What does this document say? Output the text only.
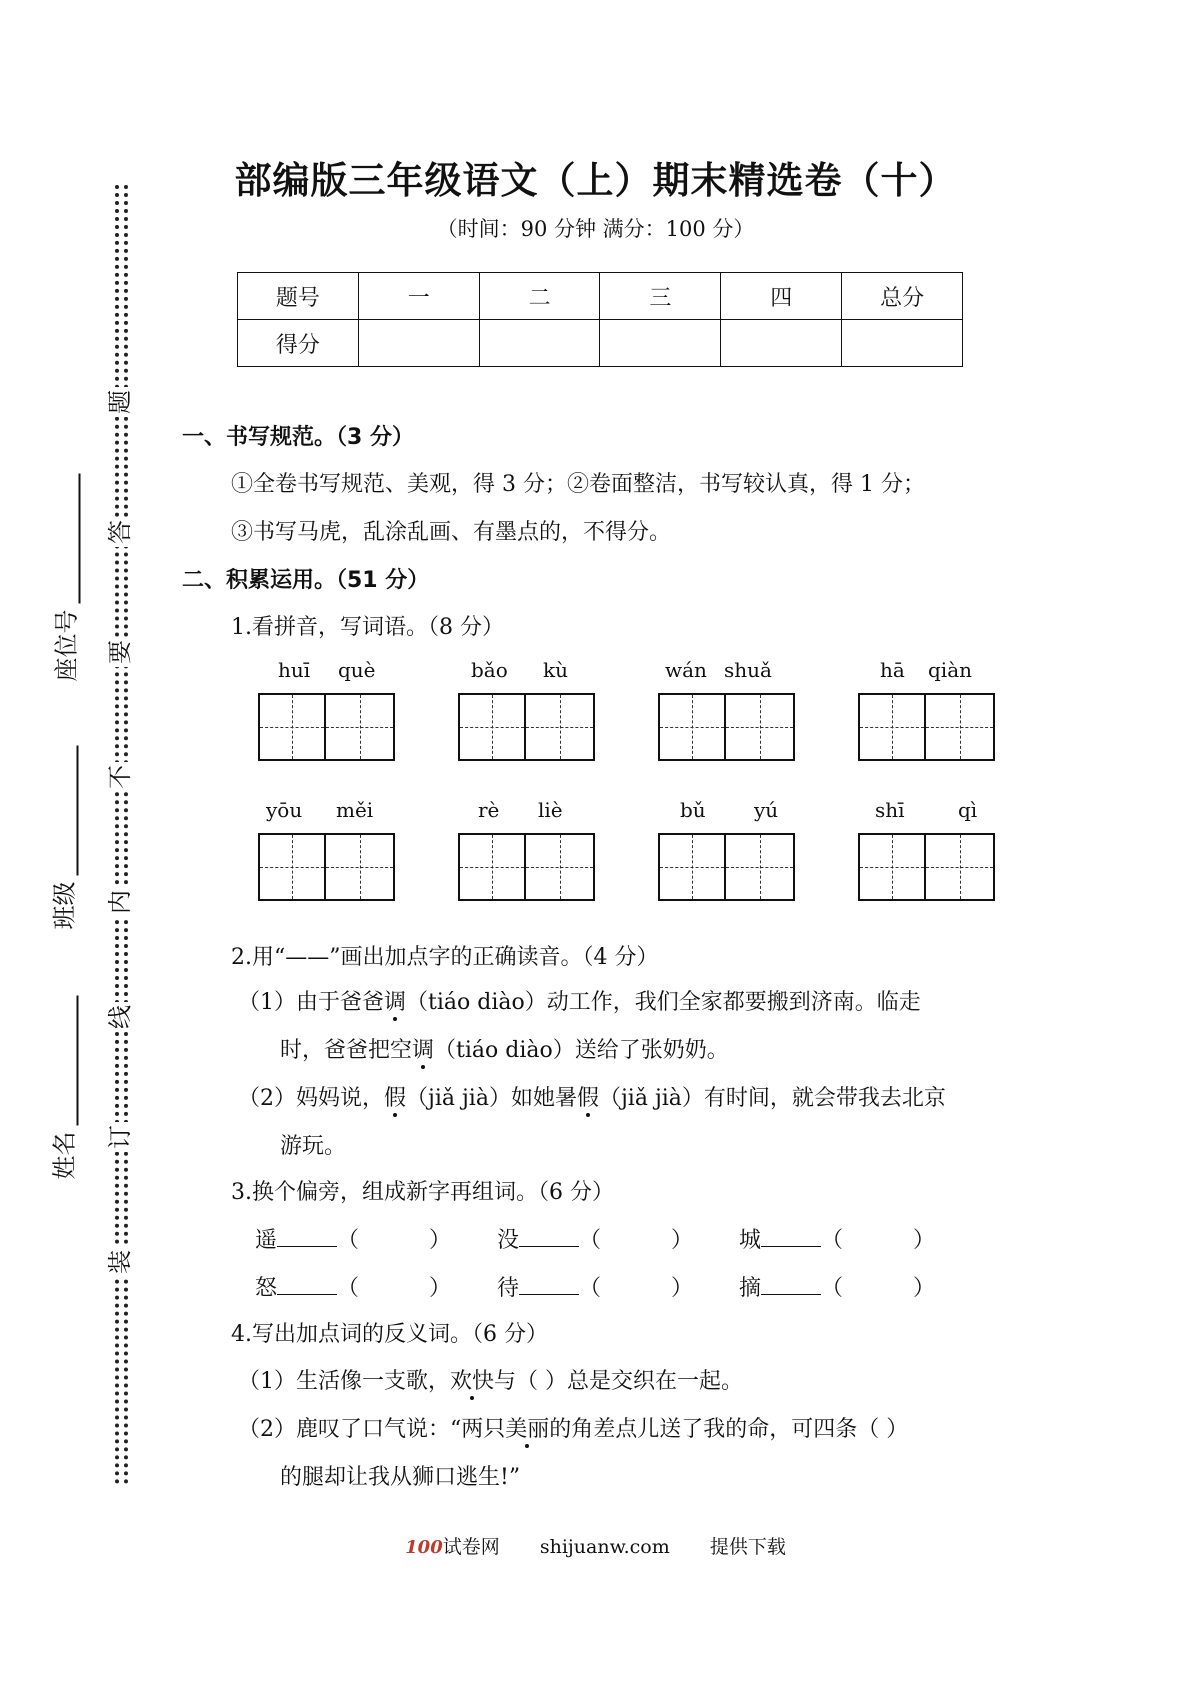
题
答
要
不
内
线
订
装
姓名
班级
座位号
部编版三年级语文（上）期末精选卷（十）
（时间：90 分钟 满分：100 分）
题号	一	二	三	四	总分
得分					
一、书写规范。（3 分）
①全卷书写规范、美观，得 3 分；②卷面整洁，书写较认真，得 1 分；
③书写马虎，乱涂乱画、有墨点的，不得分。
二、积累运用。（51 分）
1.看拼音，写词语。（8 分）
huī què	bǎo kù	wán shuǎ	hā qiàn
yōu měi	rè liè	bǔ yú	shī	qì
2.用“——”画出加点字的正确读音。（4 分）
（1）由于爸爸调（tiáo diào）动工作，我们全家都要搬到济南。临走
时，爸爸把空调（tiáo diào）送给了张奶奶。
（2）妈妈说，假（jiǎ jià）如她暑假（jiǎ jià）有时间，就会带我去北京
游玩。
3.换个偏旁，组成新字再组词。（6 分）
遥	（	） 没	（	） 城	（	）
怒	（	） 待	（	） 摘	（	）
4.写出加点词的反义词。（6 分）
（1）生活像一支歌，欢快与（ ）总是交织在一起。
（2）鹿叹了口气说：“两只美丽的角差点儿送了我的命，可四条（ ）
的腿却让我从狮口逃生!”
100试卷网 shijuanw.com 提供下载
